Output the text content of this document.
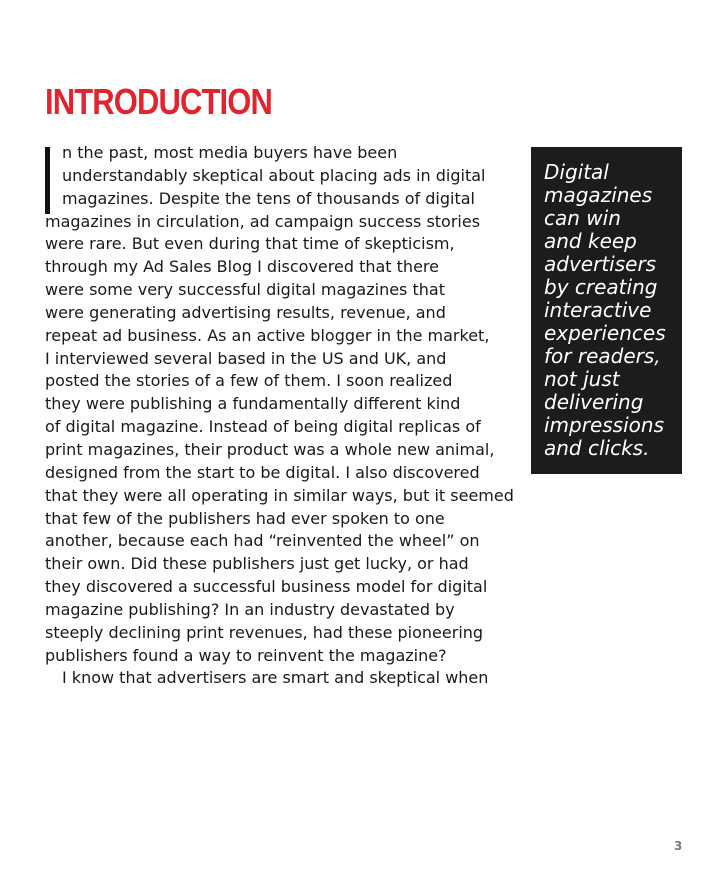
INTRODUCTION
n the past, most media buyers have been
understandably skeptical about placing ads in digital
magazines. Despite the tens of thousands of digital
magazines in circulation, ad campaign success stories
were rare. But even during that time of skepticism,
through my Ad Sales Blog I discovered that there
were some very successful digital magazines that
were generating advertising results, revenue, and
repeat ad business. As an active blogger in the market,
I interviewed several based in the US and UK, and
posted the stories of a few of them. I soon realized
they were publishing a fundamentally different kind
of digital magazine. Instead of being digital replicas of
print magazines, their product was a whole new animal,
designed from the start to be digital. I also discovered
that they were all operating in similar ways, but it seemed
that few of the publishers had ever spoken to one
another, because each had “reinvented the wheel” on
their own. Did these publishers just get lucky, or had
they discovered a successful business model for digital
magazine publishing? In an industry devastated by
steeply declining print revenues, had these pioneering
publishers found a way to reinvent the magazine?
I know that advertisers are smart and skeptical when

Digital
magazines
can win
and keep
advertisers
by creating
interactive
experiences
for readers,
not just
delivering
impressions
and clicks.

3
